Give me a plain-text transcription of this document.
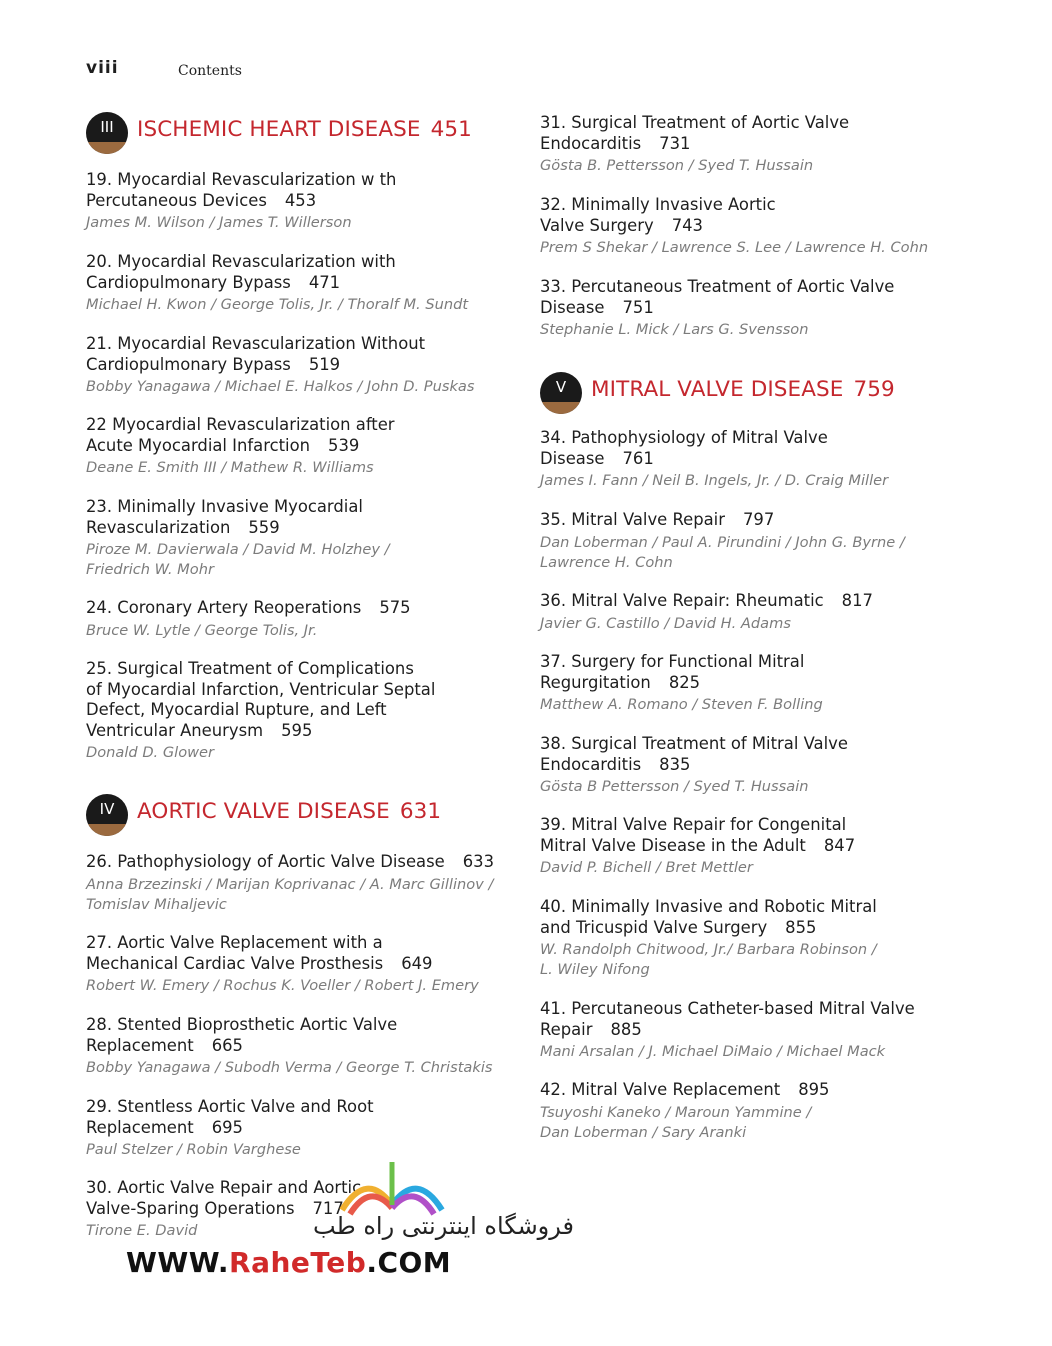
viii	Contents
III	ISCHEMIC HEART DISEASE 451
19. Myocardial Revascularization w th
Percutaneous Devices 453
James M. Wilson / James T. Willerson
20. Myocardial Revascularization with
Cardiopulmonary Bypass 471
Michael H. Kwon / George Tolis, Jr. / Thoralf M. Sundt
21. Myocardial Revascularization Without
Cardiopulmonary Bypass 519
Bobby Yanagawa / Michael E. Halkos / John D. Puskas
22 Myocardial Revascularization after
Acute Myocardial Infarction 539
Deane E. Smith III / Mathew R. Williams
23. Minimally Invasive Myocardial
Revascularization 559
Piroze M. Davierwala / David M. Holzhey /
Friedrich W. Mohr
24. Coronary Artery Reoperations 575
Bruce W. Lytle / George Tolis, Jr.
25. Surgical Treatment of Complications
of Myocardial Infarction, Ventricular Septal
Defect, Myocardial Rupture, and Left
Ventricular Aneurysm 595
Donald D. Glower
IV	AORTIC VALVE DISEASE 631
26. Pathophysiology of Aortic Valve Disease 633
Anna Brzezinski / Marijan Koprivanac / A. Marc Gillinov /
Tomislav Mihaljevic
27. Aortic Valve Replacement with a
Mechanical Cardiac Valve Prosthesis 649
Robert W. Emery / Rochus K. Voeller / Robert J. Emery
28. Stented Bioprosthetic Aortic Valve
Replacement 665
Bobby Yanagawa / Subodh Verma / George T. Christakis
29. Stentless Aortic Valve and Root
Replacement 695
Paul Stelzer / Robin Varghese
30. Aortic Valve Repair and Aortic
Valve-Sparing Operations 717
Tirone E. David
31. Surgical Treatment of Aortic Valve
Endocarditis 731
Gösta B. Pettersson / Syed T. Hussain
32. Minimally Invasive Aortic
Valve Surgery 743
Prem S Shekar / Lawrence S. Lee / Lawrence H. Cohn
33. Percutaneous Treatment of Aortic Valve
Disease 751
Stephanie L. Mick / Lars G. Svensson
V	MITRAL VALVE DISEASE 759
34. Pathophysiology of Mitral Valve
Disease 761
James I. Fann / Neil B. Ingels, Jr. / D. Craig Miller
35. Mitral Valve Repair 797
Dan Loberman / Paul A. Pirundini / John G. Byrne /
Lawrence H. Cohn
36. Mitral Valve Repair: Rheumatic 817
Javier G. Castillo / David H. Adams
37. Surgery for Functional Mitral
Regurgitation 825
Matthew A. Romano / Steven F. Bolling
38. Surgical Treatment of Mitral Valve
Endocarditis 835
Gösta B Pettersson / Syed T. Hussain
39. Mitral Valve Repair for Congenital
Mitral Valve Disease in the Adult 847
David P. Bichell / Bret Mettler
40. Minimally Invasive and Robotic Mitral
and Tricuspid Valve Surgery 855
W. Randolph Chitwood, Jr./ Barbara Robinson /
L. Wiley Nifong
41. Percutaneous Catheter-based Mitral Valve
Repair 885
Mani Arsalan / J. Michael DiMaio / Michael Mack
42. Mitral Valve Replacement 895
Tsuyoshi Kaneko / Maroun Yammine /
Dan Loberman / Sary Aranki
فروشگاه اینترنتی راه طب
WWW.RaheTeb.COM
